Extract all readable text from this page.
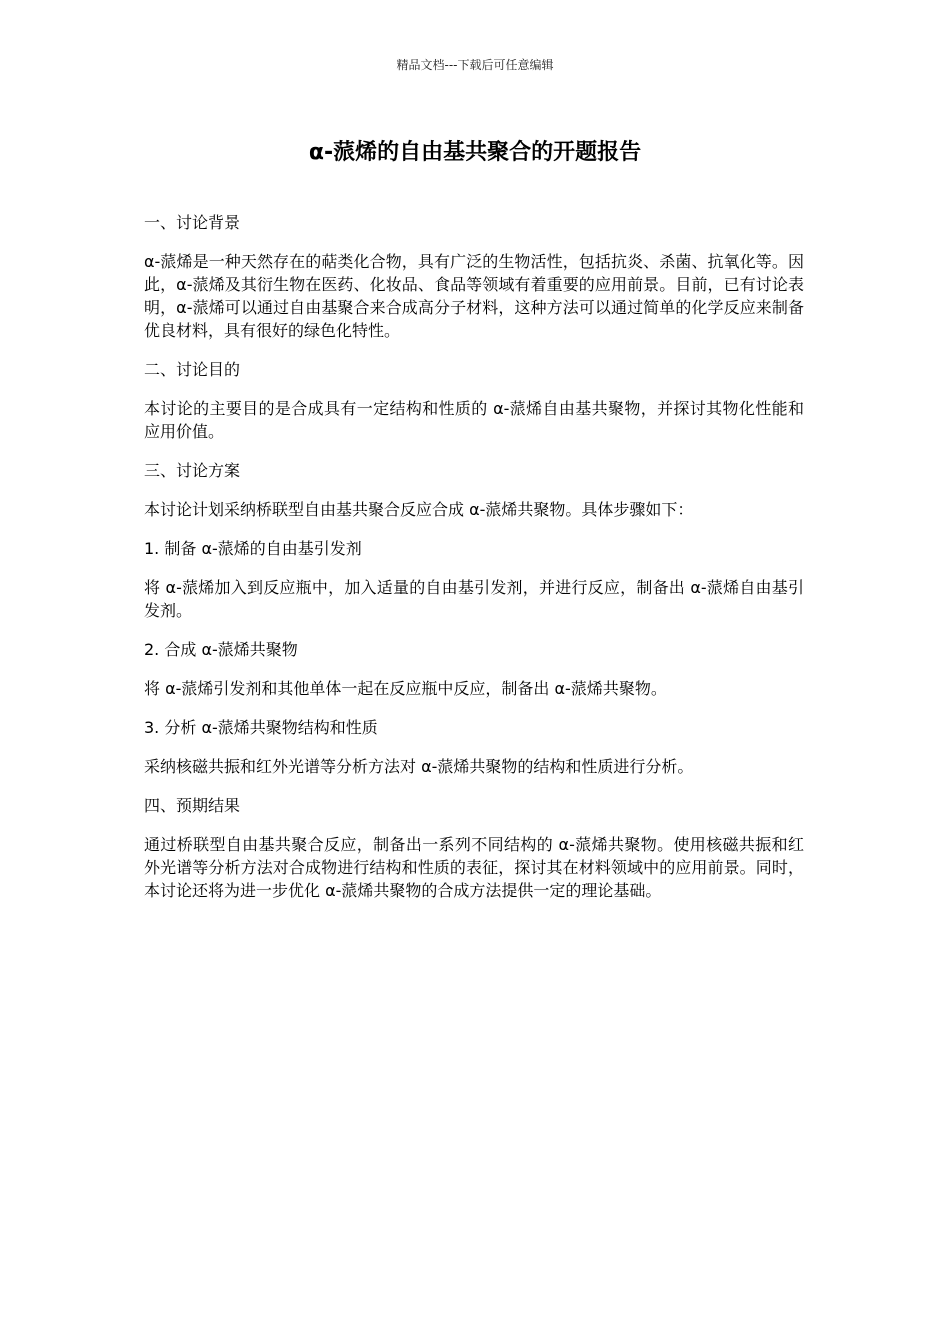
精品文档---下载后可任意编辑
α-蒎烯的自由基共聚合的开题报告

一、讨论背景

α-蒎烯是一种天然存在的萜类化合物，具有广泛的生物活性，包括抗炎、杀菌、抗氧化等。因此，α-蒎烯及其衍生物在医药、化妆品、食品等领域有着重要的应用前景。目前，已有讨论表明，α-蒎烯可以通过自由基聚合来合成高分子材料，这种方法可以通过简单的化学反应来制备优良材料，具有很好的绿色化特性。

二、讨论目的

本讨论的主要目的是合成具有一定结构和性质的 α-蒎烯自由基共聚物，并探讨其物化性能和应用价值。

三、讨论方案

本讨论计划采纳桥联型自由基共聚合反应合成 α-蒎烯共聚物。具体步骤如下：

1. 制备 α-蒎烯的自由基引发剂

将 α-蒎烯加入到反应瓶中，加入适量的自由基引发剂，并进行反应，制备出 α-蒎烯自由基引发剂。

2. 合成 α-蒎烯共聚物

将 α-蒎烯引发剂和其他单体一起在反应瓶中反应，制备出 α-蒎烯共聚物。

3. 分析 α-蒎烯共聚物结构和性质

采纳核磁共振和红外光谱等分析方法对 α-蒎烯共聚物的结构和性质进行分析。

四、预期结果

通过桥联型自由基共聚合反应，制备出一系列不同结构的 α-蒎烯共聚物。使用核磁共振和红外光谱等分析方法对合成物进行结构和性质的表征，探讨其在材料领域中的应用前景。同时，本讨论还将为进一步优化 α-蒎烯共聚物的合成方法提供一定的理论基础。
